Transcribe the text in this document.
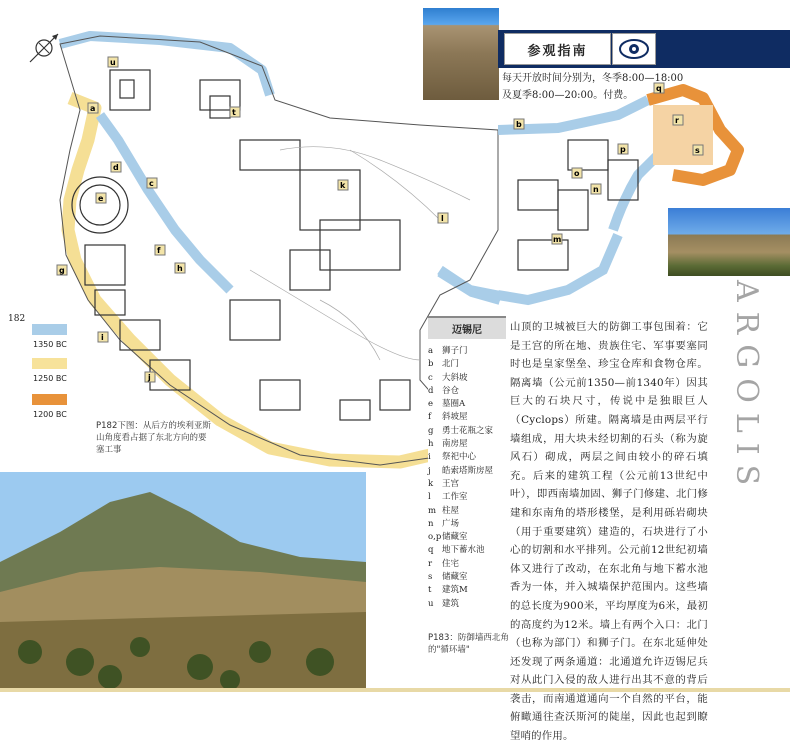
a
c
d
e
f
g	h
i
j
k
l
t
u
b
m
n
o
p
q
r
s
参观指南
每天开放时间分别为，冬季8:00—18:00
及夏季8:00—20:00。付费。
182
1350 BC
1250 BC
1200 BC
P182下图：从后方的埃利亚斯山角度看占据了东北方向的要塞工事
迈锡尼
a 狮子门
b 北门
c 大斜坡
d 谷仓
e 墓圈A
f 斜坡屋
g 勇士花瓶之家
h 南房屋
i 祭祀中心
j 皓索塔斯房屋
k 王宫
l 工作室
m 柱屋
n 广场
o,p储藏室
q 地下蓄水池
r 住宅
s 储藏室
t 建筑M
u 建筑
P183：防御墙西北角的"循环墙"
山顶的卫城被巨大的防御工事包围着：它是王宫的所在地、贵族住宅、军事要塞同时也是皇家堡垒、珍宝仓库和食物仓库。隔离墙（公元前1350—前1340年）因其巨大的石块尺寸，传说中是独眼巨人（Cyclops）所建。隔离墙是由两层平行墙组成，用大块未经切割的石头（称为旋风石）砌成，两层之间由较小的碎石填充。后来的建筑工程（公元前13世纪中叶），即西南墙加固、狮子门修建、北门修建和东南角的塔形楼堡，是利用砾岩砌块（用于重要建筑）建造的，石块进行了小心的切割和水平排列。公元前12世纪初墙体又进行了改动，在东北角与地下蓄水池香为一体，并入城墙保护范围内。这些墙的总长度为900米，平均厚度为6米，最初的高度约为12米。墙上有两个入口：北门（也称为部门）和狮子门。在东北延伸处还发现了两条通道：北通道允许迈锡尼兵对从此门入侵的敌人进行出其不意的背后袭击，而南通道通向一个自然的平台，能俯瞰通往查沃斯河的陡崖，因此也起到瞭望哨的作用。
ARGOLIS
